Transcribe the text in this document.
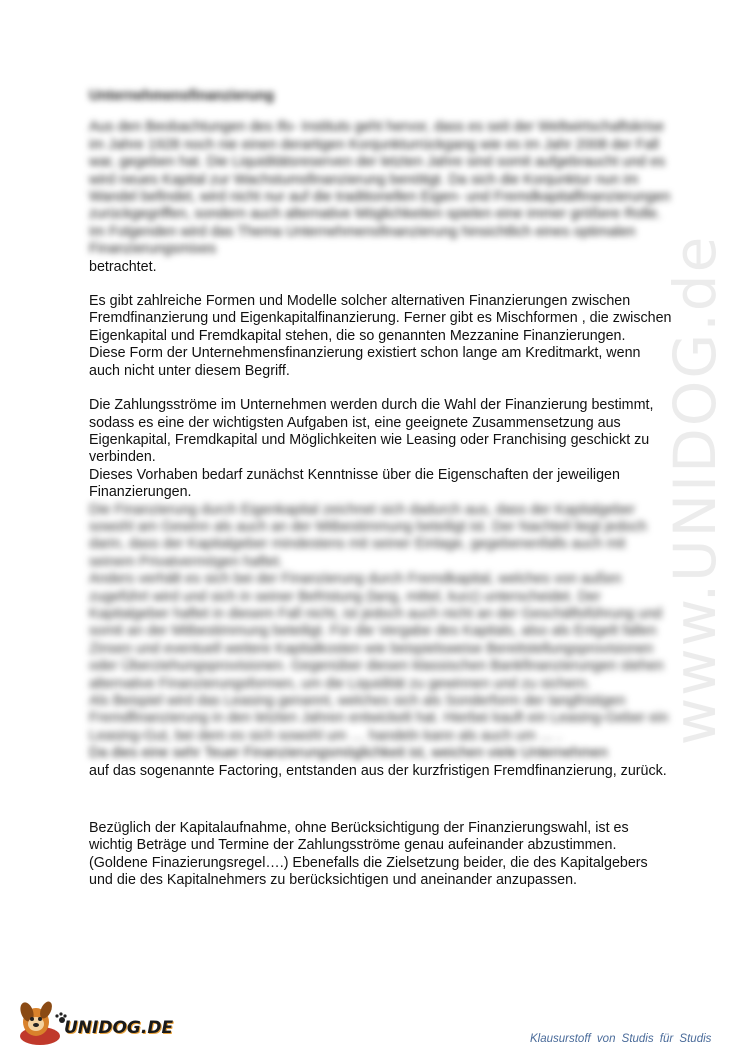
www.UNIDOG.de
Unternehmensfinanzierung

Aus den Beobachtungen des Ifo- Instituts geht hervor, dass es seit der Weltwirtschaftskrise im Jahre 1928 noch nie einen derartigen Konjunkturrückgang wie es im Jahr 2008 der Fall war, gegeben hat. Die Liquiditätsreserven der letzten Jahre sind somit aufgebraucht und es wird neues Kapital zur Wachstumsfinanzierung benötigt. Da sich die Konjunktur nun im Wandel befindet, wird nicht nur auf die traditionellen Eigen- und Fremdkapitalfinanzierungen zurückgegriffen, sondern auch alternative Möglichkeiten spielen eine immer größere Rolle. Im Folgenden wird das Thema Unternehmensfinanzierung hinsichtlich eines optimalen Finanzierungsmixes

betrachtet.

Es gibt zahlreiche Formen und Modelle solcher alternativen Finanzierungen zwischen Fremdfinanzierung und Eigenkapitalfinanzierung. Ferner gibt es Mischformen , die zwischen Eigenkapital und Fremdkapital stehen, die so genannten Mezzanine Finanzierungen.

Diese Form der Unternehmensfinanzierung existiert schon lange am Kreditmarkt, wenn auch nicht unter diesem Begriff.

Die Zahlungsströme im Unternehmen werden durch die Wahl der Finanzierung bestimmt, sodass es eine der wichtigsten Aufgaben ist, eine geeignete Zusammensetzung aus Eigenkapital, Fremdkapital und Möglichkeiten wie Leasing oder Franchising geschickt zu verbinden.

Dieses Vorhaben bedarf zunächst Kenntnisse über die Eigenschaften der jeweiligen Finanzierungen.

Die Finanzierung durch Eigenkapital zeichnet sich dadurch aus, dass der Kapitalgeber sowohl am Gewinn als auch an der Mitbestimmung beteiligt ist. Der Nachteil liegt jedoch darin, dass der Kapitalgeber mindestens mit seiner Einlage, gegebenenfalls auch mit seinem Privatvermögen haftet.

Anders verhält es sich bei der Finanzierung durch Fremdkapital, welches von außen zugeführt wird und sich in seiner Befristung (lang, mittel, kurz) unterscheidet. Der Kapitalgeber haftet in diesem Fall nicht, ist jedoch auch nicht an der Geschäftsführung und somit an der Mitbestimmung beteiligt. Für die Vergabe des Kapitals, also als Entgelt fallen Zinsen und eventuell weitere Kapitalkosten wie beispielsweise Bereitstellungsprovisionen oder Überziehungsprovisionen. Gegenüber diesen klassischen Bankfinanzierungen stehen alternative Finanzierungsformen, um die Liquidität zu gewinnen und zu sichern.

Als Beispiel wird das Leasing genannt, welches sich als Sonderform der langfristigen Fremdfinanzierung in den letzten Jahren entwickelt hat. Hierbei kauft ein Leasing-Geber ein Leasing-Gut, bei dem es sich sowohl um … handeln kann als auch um … .

Da dies eine sehr Teuer Finanzierungsmöglichkeit ist, weichen viele Unternehmen

auf das sogenannte Factoring, entstanden aus der kurzfristigen Fremdfinanzierung, zurück.

Bezüglich der Kapitalaufnahme, ohne Berücksichtigung der Finanzierungswahl, ist es wichtig Beträge und Termine der Zahlungsströme genau aufeinander abzustimmen. (Goldene Finazierungsregel….) Ebenefalls die Zielsetzung beider, die des Kapitalgebers und die des Kapitalnehmers zu berücksichtigen und aneinander anzupassen.

UNIDOG.DE
Klausurstoff von Studis für Studis
